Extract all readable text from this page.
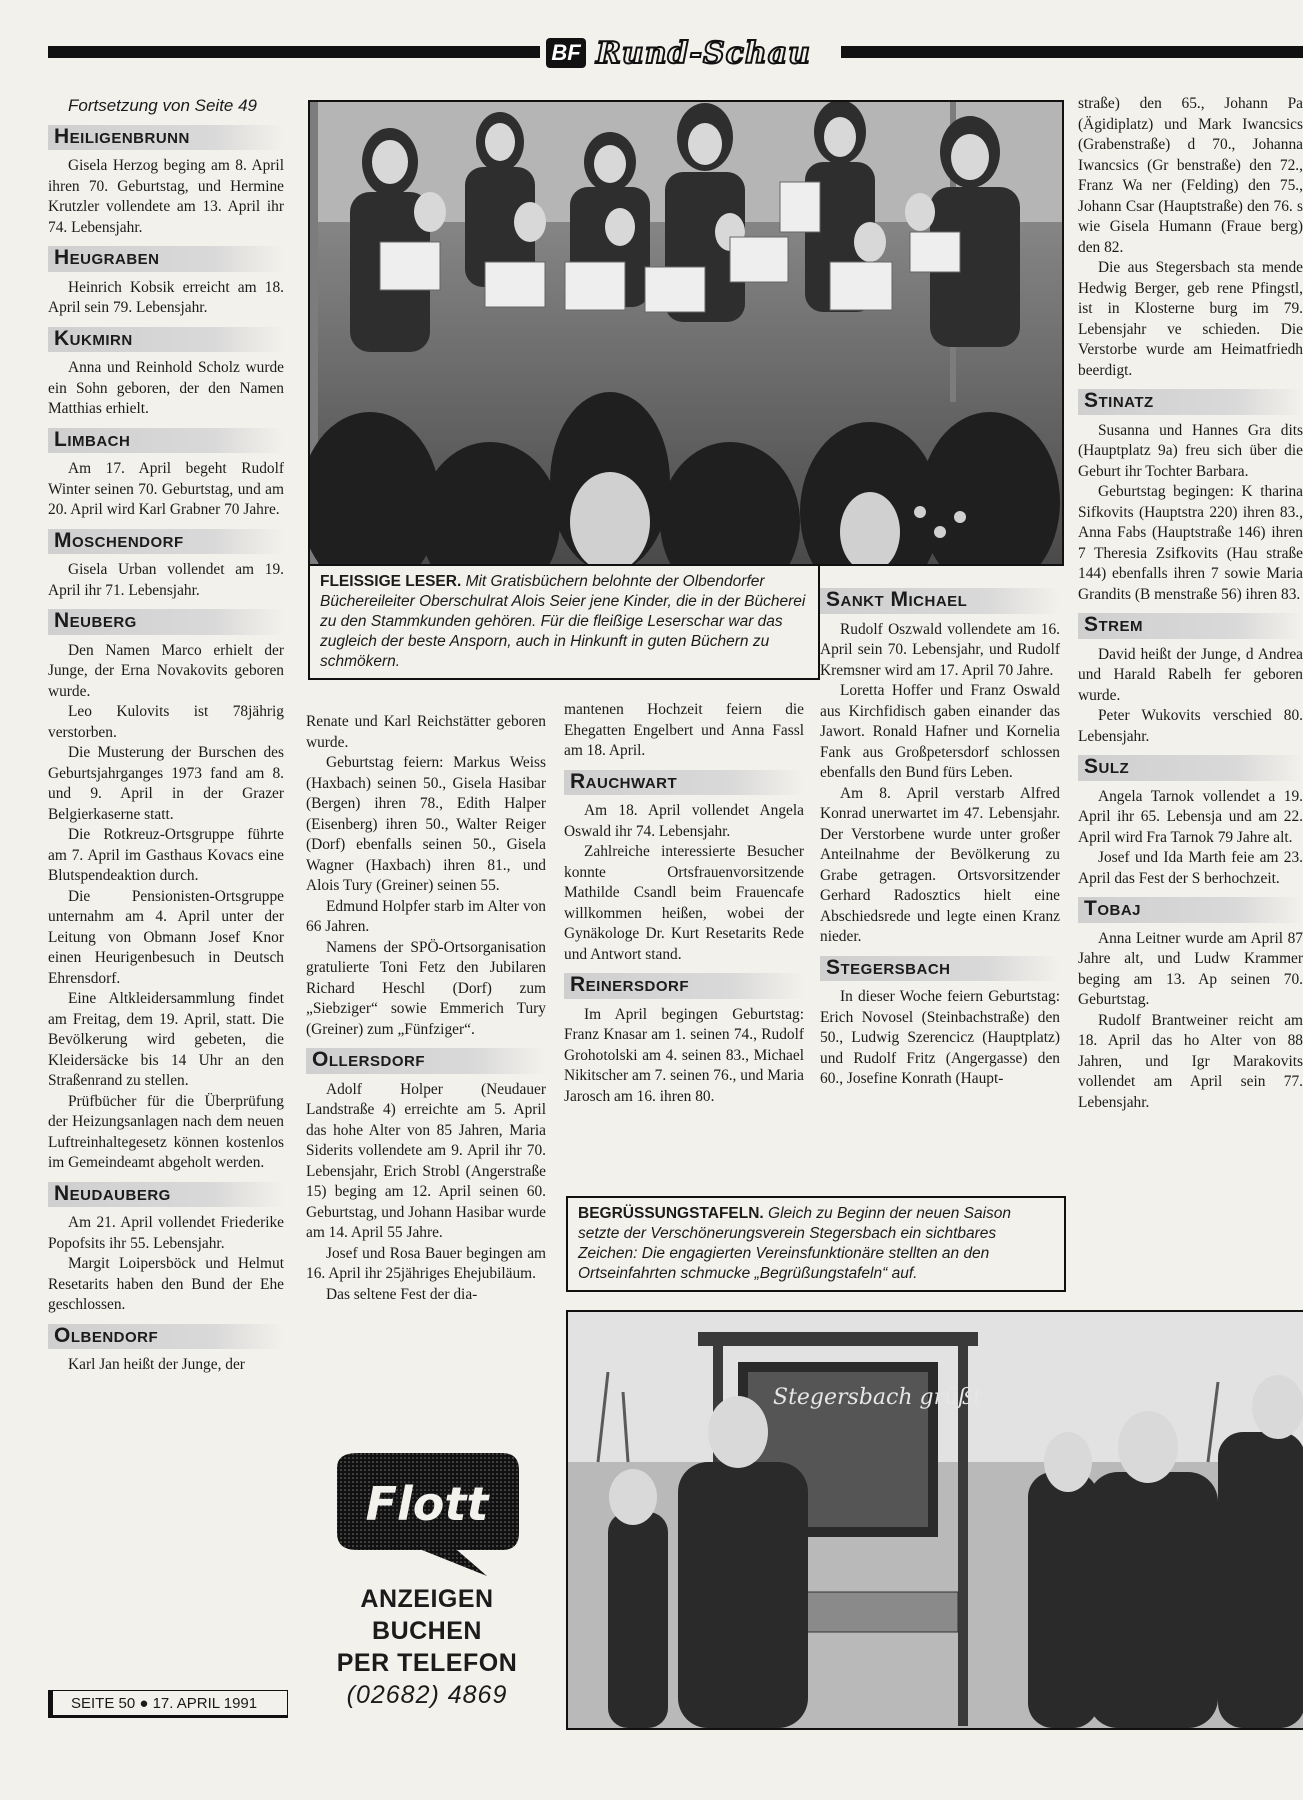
BF Rund-Schau

Fortsetzung von Seite 49

Heiligenbrunn

Gisela Herzog beging am 8. April ihren 70. Geburtstag, und Hermine Krutzler vollendete am 13. April ihr 74. Lebensjahr.

Heugraben

Heinrich Kobsik erreicht am 18. April sein 79. Lebensjahr.

Kukmirn

Anna und Reinhold Scholz wurde ein Sohn geboren, der den Namen Matthias erhielt.

Limbach

Am 17. April begeht Rudolf Winter seinen 70. Geburtstag, und am 20. April wird Karl Grabner 70 Jahre.

Moschendorf

Gisela Urban vollendet am 19. April ihr 71. Lebensjahr.

Neuberg

Den Namen Marco erhielt der Junge, der Erna Novakovits geboren wurde.

Leo Kulovits ist 78jährig verstorben.

Die Musterung der Burschen des Geburtsjahrganges 1973 fand am 8. und 9. April in der Grazer Belgierkaserne statt.

Die Rotkreuz-Ortsgruppe führte am 7. April im Gasthaus Kovacs eine Blutspendeaktion durch.

Die Pensionisten-Ortsgruppe unternahm am 4. April unter der Leitung von Obmann Josef Knor einen Heurigenbesuch in Deutsch Ehrensdorf.

Eine Altkleidersammlung findet am Freitag, dem 19. April, statt. Die Bevölkerung wird gebeten, die Kleidersäcke bis 14 Uhr an den Straßenrand zu stellen.

Prüfbücher für die Überprüfung der Heizungsanlagen nach dem neuen Luftreinhaltegesetz können kostenlos im Gemeindeamt abgeholt werden.

Neudauberg

Am 21. April vollendet Friederike Popofsits ihr 55. Lebensjahr.

Margit Loipersböck und Helmut Resetarits haben den Bund der Ehe geschlossen.

Olbendorf

Karl Jan heißt der Junge, der

FLEISSIGE LESER. Mit Gratisbüchern belohnte der Olbendorfer Büchereileiter Oberschulrat Alois Seier jene Kinder, die in der Bücherei zu den Stammkunden gehören. Für die fleißige Leserschar war das zugleich der beste Ansporn, auch in Hinkunft in guten Büchern zu schmökern.

Renate und Karl Reichstätter geboren wurde.

Geburtstag feiern: Markus Weiss (Haxbach) seinen 50., Gisela Hasibar (Bergen) ihren 78., Edith Halper (Eisenberg) ihren 50., Walter Reiger (Dorf) ebenfalls seinen 50., Gisela Wagner (Haxbach) ihren 81., und Alois Tury (Greiner) seinen 55.

Edmund Holpfer starb im Alter von 66 Jahren.

Namens der SPÖ-Ortsorganisation gratulierte Toni Fetz den Jubilaren Richard Heschl (Dorf) zum „Siebziger“ sowie Emmerich Tury (Greiner) zum „Fünfziger“.

Ollersdorf

Adolf Holper (Neudauer Landstraße 4) erreichte am 5. April das hohe Alter von 85 Jahren, Maria Siderits vollendete am 9. April ihr 70. Lebensjahr, Erich Strobl (Angerstraße 15) beging am 12. April seinen 60. Geburtstag, und Johann Hasibar wurde am 14. April 55 Jahre.

Josef und Rosa Bauer begingen am 16. April ihr 25jähriges Ehejubiläum.

Das seltene Fest der dia-

mantenen Hochzeit feiern die Ehegatten Engelbert und Anna Fassl am 18. April.

Rauchwart

Am 18. April vollendet Angela Oswald ihr 74. Lebensjahr.

Zahlreiche interessierte Besucher konnte Ortsfrauenvorsitzende Mathilde Csandl beim Frauencafe willkommen heißen, wobei der Gynäkologe Dr. Kurt Resetarits Rede und Antwort stand.

Reinersdorf

Im April begingen Geburtstag: Franz Knasar am 1. seinen 74., Rudolf Grohotolski am 4. seinen 83., Michael Nikitscher am 7. seinen 76., und Maria Jarosch am 16. ihren 80.

Sankt Michael

Rudolf Oszwald vollendete am 16. April sein 70. Lebensjahr, und Rudolf Kremsner wird am 17. April 70 Jahre.

Loretta Hoffer und Franz Oswald aus Kirchfidisch gaben einander das Jawort. Ronald Hafner und Kornelia Fank aus Großpetersdorf schlossen ebenfalls den Bund fürs Leben.

Am 8. April verstarb Alfred Konrad unerwartet im 47. Lebensjahr. Der Verstorbene wurde unter großer Anteilnahme der Bevölkerung zu Grabe getragen. Ortsvorsitzender Gerhard Radosztics hielt eine Abschiedsrede und legte einen Kranz nieder.

Stegersbach

In dieser Woche feiern Geburtstag: Erich Novosel (Steinbachstraße) den 50., Ludwig Szerencicz (Hauptplatz) und Rudolf Fritz (Angergasse) den 60., Josefine Konrath (Haupt-

straße) den 65., Johann Pa (Ägidiplatz) und Mark Iwancsics (Grabenstraße) d 70., Johanna Iwancsics (Gr benstraße) den 72., Franz Wa ner (Felding) den 75., Johann Csar (Hauptstraße) den 76. s wie Gisela Humann (Fraue berg) den 82.

Die aus Stegersbach sta mende Hedwig Berger, geb rene Pfingstl, ist in Klosterne burg im 79. Lebensjahr ve schieden. Die Verstorbe wurde am Heimatfriedh beerdigt.

Stinatz

Susanna und Hannes Gra dits (Hauptplatz 9a) freu sich über die Geburt ihr Tochter Barbara.

Geburtstag begingen: K tharina Sifkovits (Hauptstra 220) ihren 83., Anna Fabs (Hauptstraße 146) ihren 7 Theresia Zsifkovits (Hau straße 144) ebenfalls ihren 7 sowie Maria Grandits (B menstraße 56) ihren 83.

Strem

David heißt der Junge, d Andrea und Harald Rabelh fer geboren wurde.

Peter Wukovits verschied 80. Lebensjahr.

Sulz

Angela Tarnok vollendet a 19. April ihr 65. Lebensja und am 22. April wird Fra Tarnok 79 Jahre alt.

Josef und Ida Marth feie am 23. April das Fest der S berhochzeit.

Tobaj

Anna Leitner wurde am April 87 Jahre alt, und Ludw Krammer beging am 13. Ap seinen 70. Geburtstag.

Rudolf Brantweiner reicht am 18. April das ho Alter von 88 Jahren, und Igr Marakovits vollendet am April sein 77. Lebensjahr.

BEGRÜSSUNGSTAFELN. Gleich zu Beginn der neuen Saison setzte der Verschönerungsverein Stegersbach ein sichtbares Zeichen: Die engagierten Vereinsfunktionäre stellten an den Ortseinfahrten schmucke „Begrüßungstafeln“ auf.
Stegersbach grüßt
Flott
ANZEIGEN
BUCHEN
PER TELEFON
(02682) 4869
SEITE 50 ● 17. APRIL 1991
